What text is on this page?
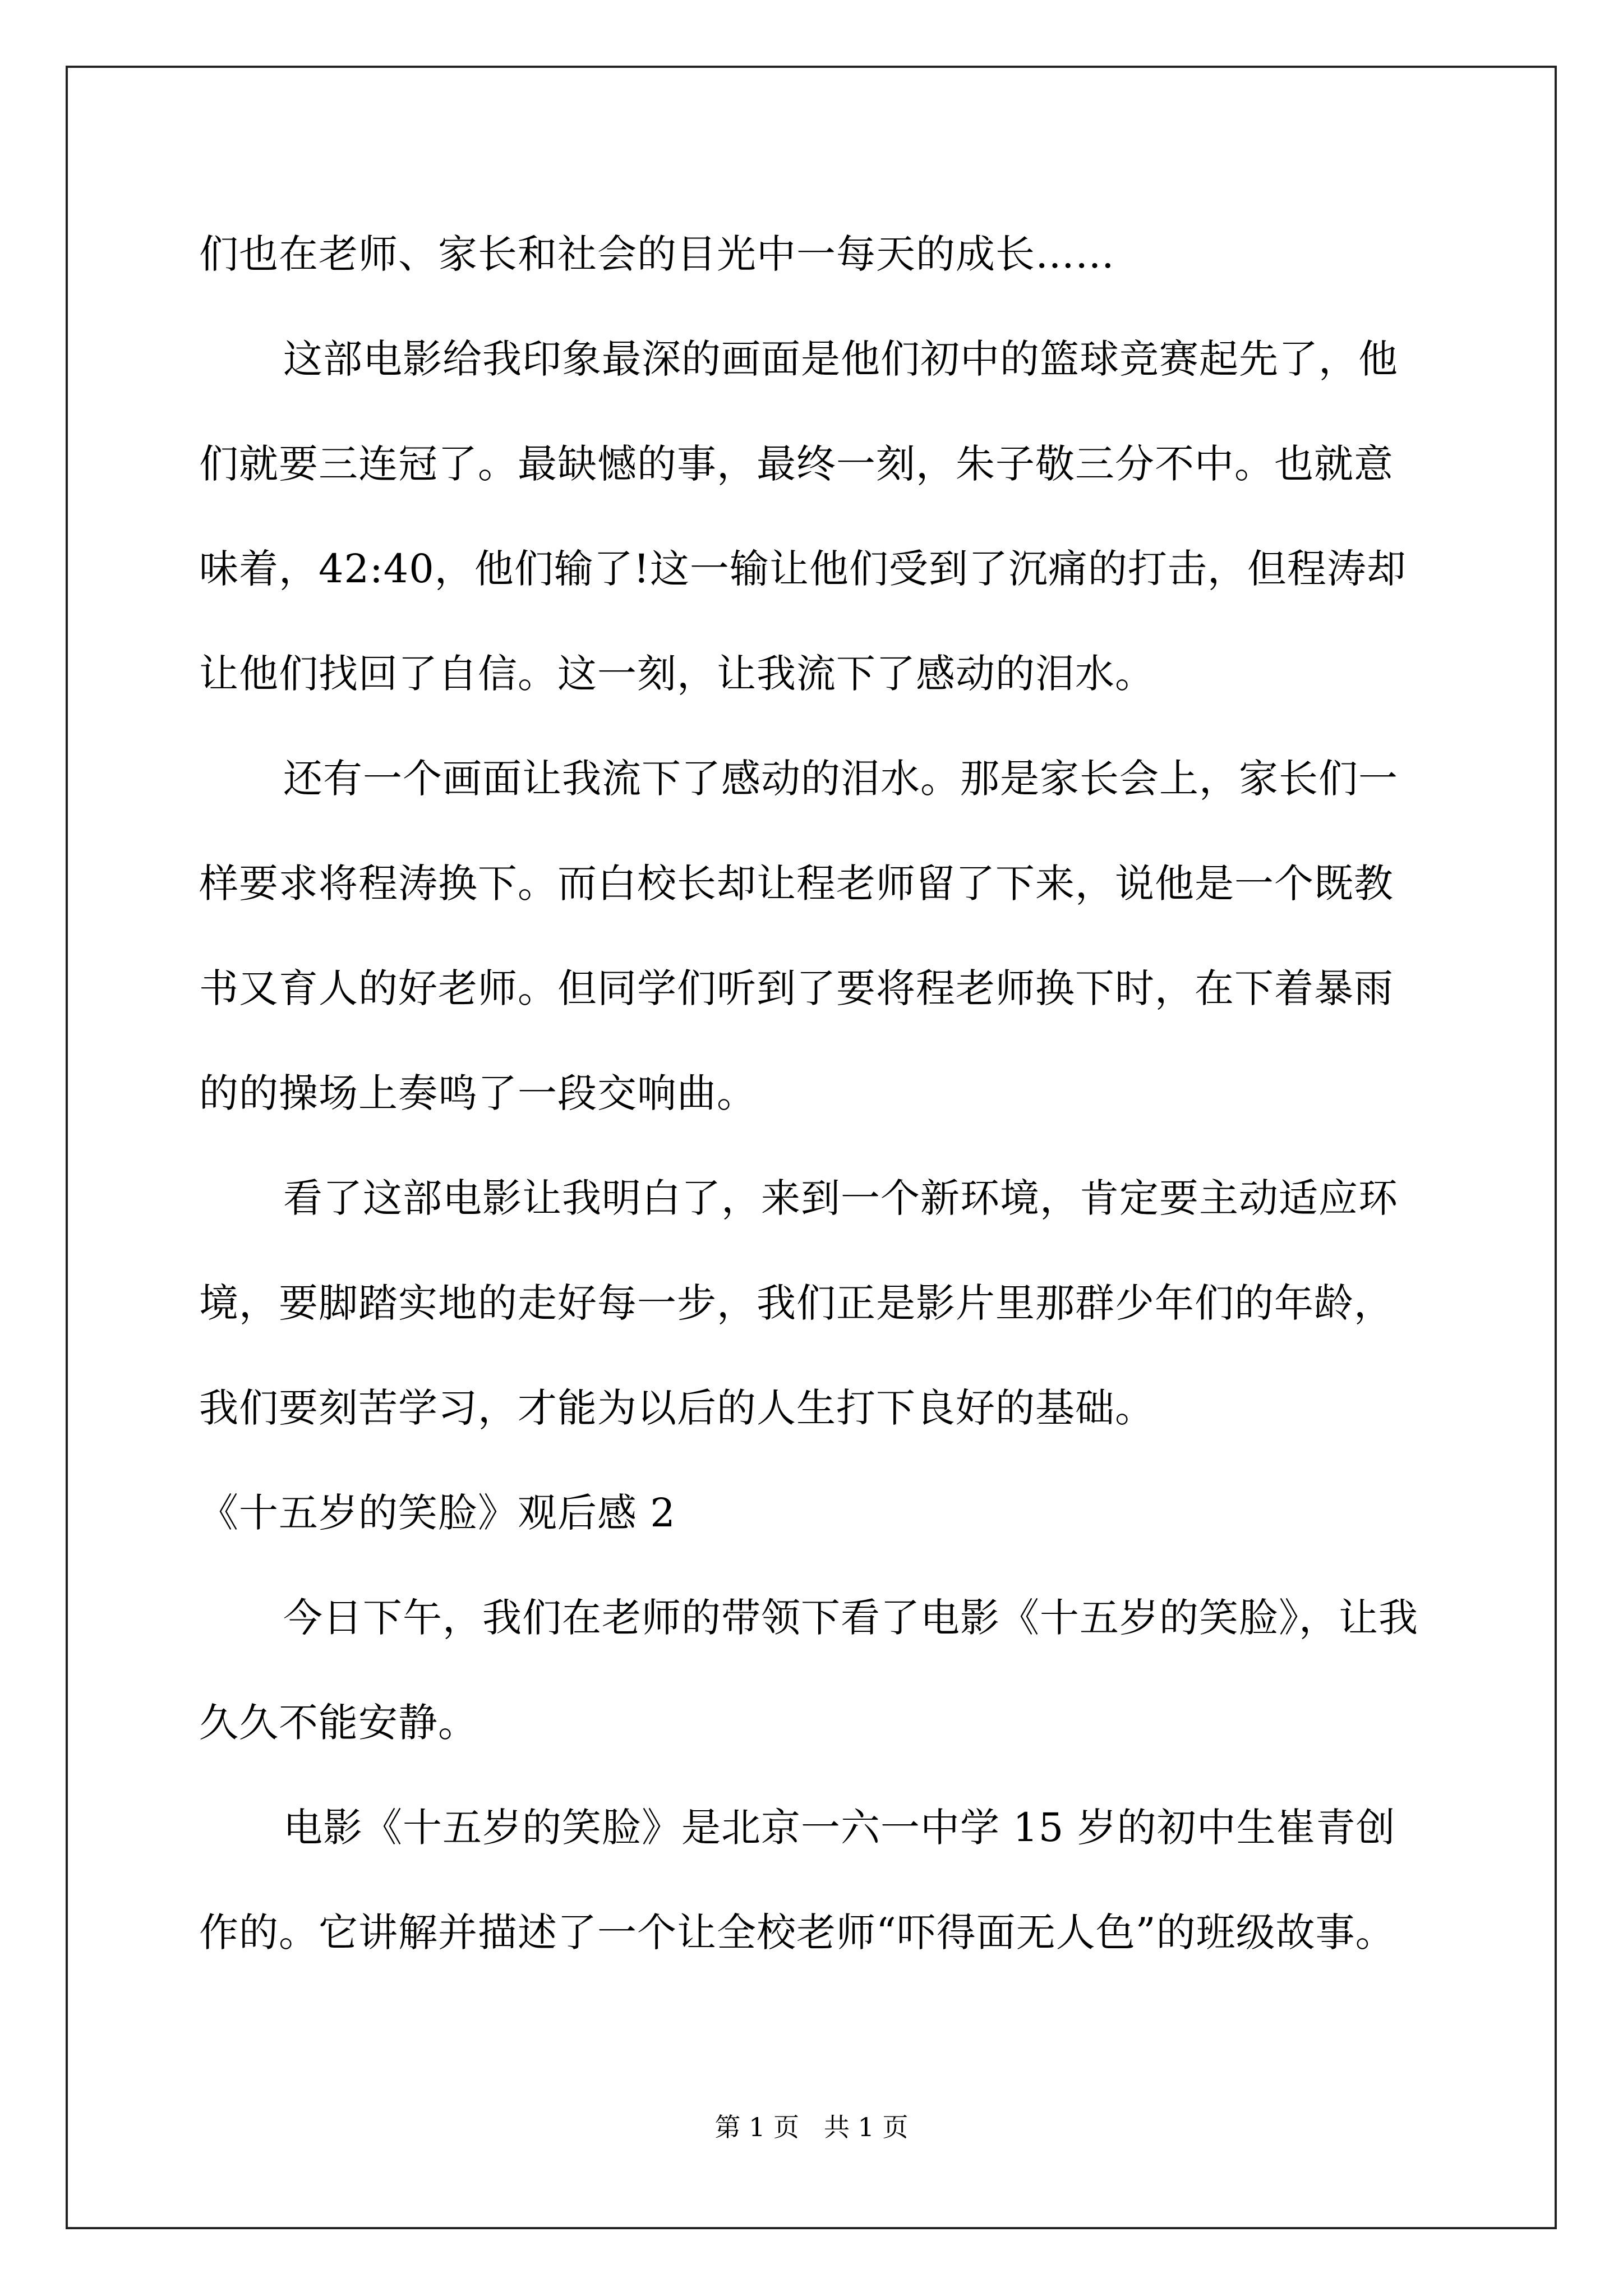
们也在老师、家长和社会的目光中一每天的成长……

这部电影给我印象最深的画面是他们初中的篮球竞赛起先了，他们就要三连冠了。最缺憾的事，最终一刻，朱子敬三分不中。也就意味着，42:40，他们输了!这一输让他们受到了沉痛的打击，但程涛却让他们找回了自信。这一刻，让我流下了感动的泪水。

还有一个画面让我流下了感动的泪水。那是家长会上，家长们一样要求将程涛换下。而白校长却让程老师留了下来，说他是一个既教书又育人的好老师。但同学们听到了要将程老师换下时，在下着暴雨的的操场上奏鸣了一段交响曲。

看了这部电影让我明白了，来到一个新环境，肯定要主动适应环境，要脚踏实地的走好每一步，我们正是影片里那群少年们的年龄，我们要刻苦学习，才能为以后的人生打下良好的基础。

《十五岁的笑脸》观后感 2

今日下午，我们在老师的带领下看了电影《十五岁的笑脸》，让我久久不能安静。

电影《十五岁的笑脸》是北京一六一中学 15 岁的初中生崔青创作的。它讲解并描述了一个让全校老师“吓得面无人色”的班级故事。

第 1 页 共 1 页
